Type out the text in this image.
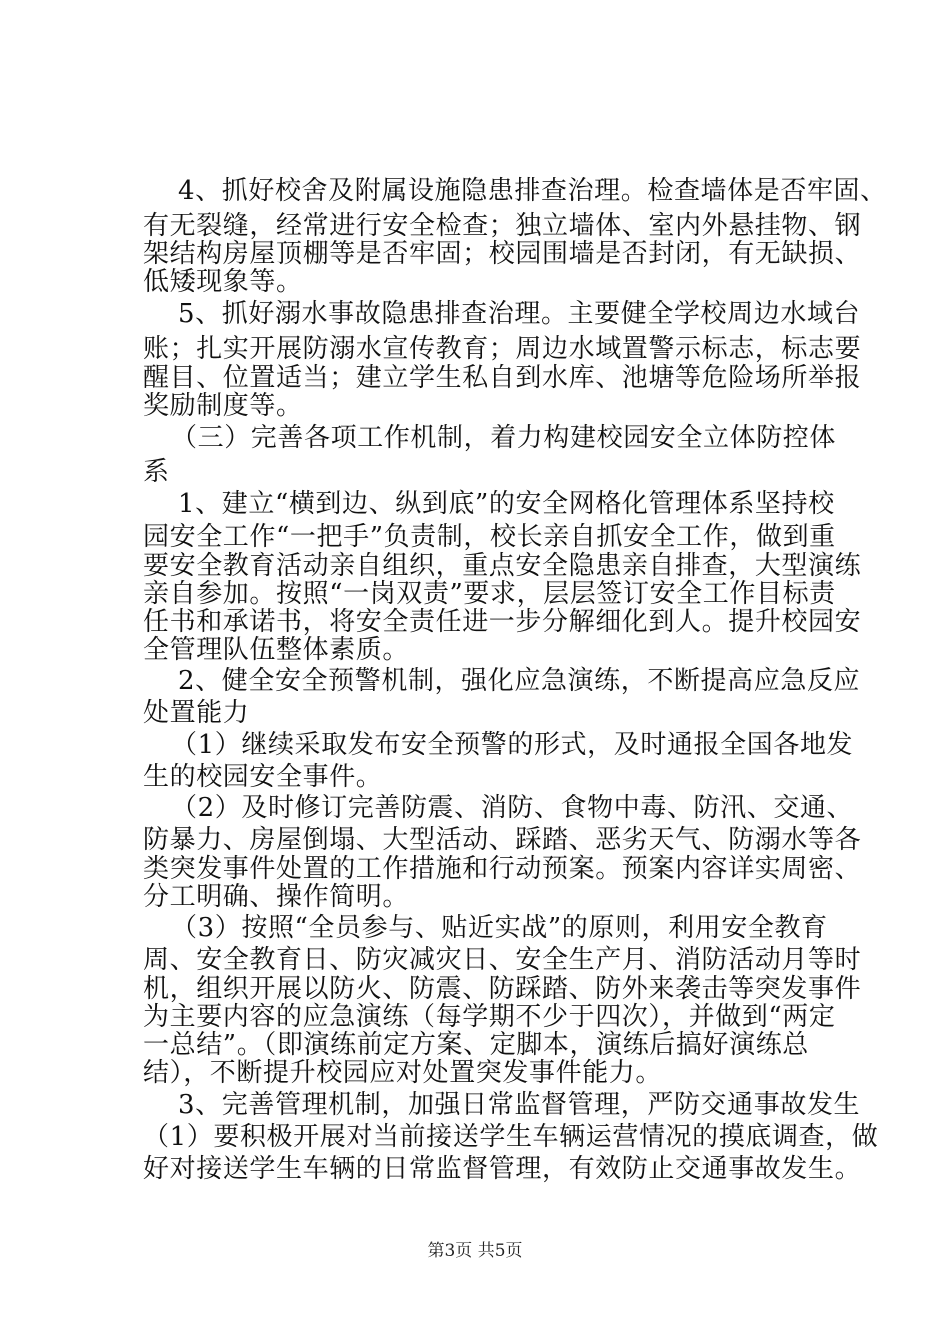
4、抓好校舍及附属设施隐患排查治理。检查墙体是否牢固、
有无裂缝，经常进行安全检查；独立墙体、室内外悬挂物、钢
架结构房屋顶棚等是否牢固；校园围墙是否封闭，有无缺损、
低矮现象等。
5、抓好溺水事故隐患排查治理。主要健全学校周边水域台
账；扎实开展防溺水宣传教育；周边水域置警示标志，标志要
醒目、位置适当；建立学生私自到水库、池塘等危险场所举报
奖励制度等。
（三）完善各项工作机制，着力构建校园安全立体防控体
系
1、建立“横到边、纵到底”的安全网格化管理体系坚持校
园安全工作“一把手”负责制，校长亲自抓安全工作，做到重
要安全教育活动亲自组织，重点安全隐患亲自排查，大型演练
亲自参加。按照“一岗双责”要求，层层签订安全工作目标责
任书和承诺书，将安全责任进一步分解细化到人。提升校园安
全管理队伍整体素质。
2、健全安全预警机制，强化应急演练，不断提高应急反应
处置能力
（1）继续采取发布安全预警的形式，及时通报全国各地发
生的校园安全事件。
（2）及时修订完善防震、消防、食物中毒、防汛、交通、
防暴力、房屋倒塌、大型活动、踩踏、恶劣天气、防溺水等各
类突发事件处置的工作措施和行动预案。预案内容详实周密、
分工明确、操作简明。
（3）按照“全员参与、贴近实战”的原则，利用安全教育
周、安全教育日、防灾减灾日、安全生产月、消防活动月等时
机，组织开展以防火、防震、防踩踏、防外来袭击等突发事件
为主要内容的应急演练（每学期不少于四次），并做到“两定
一总结”。（即演练前定方案、定脚本，演练后搞好演练总
结），不断提升校园应对处置突发事件能力。
3、完善管理机制，加强日常监督管理，严防交通事故发生
（1）要积极开展对当前接送学生车辆运营情况的摸底调查，做
好对接送学生车辆的日常监督管理，有效防止交通事故发生。
第3页 共5页
